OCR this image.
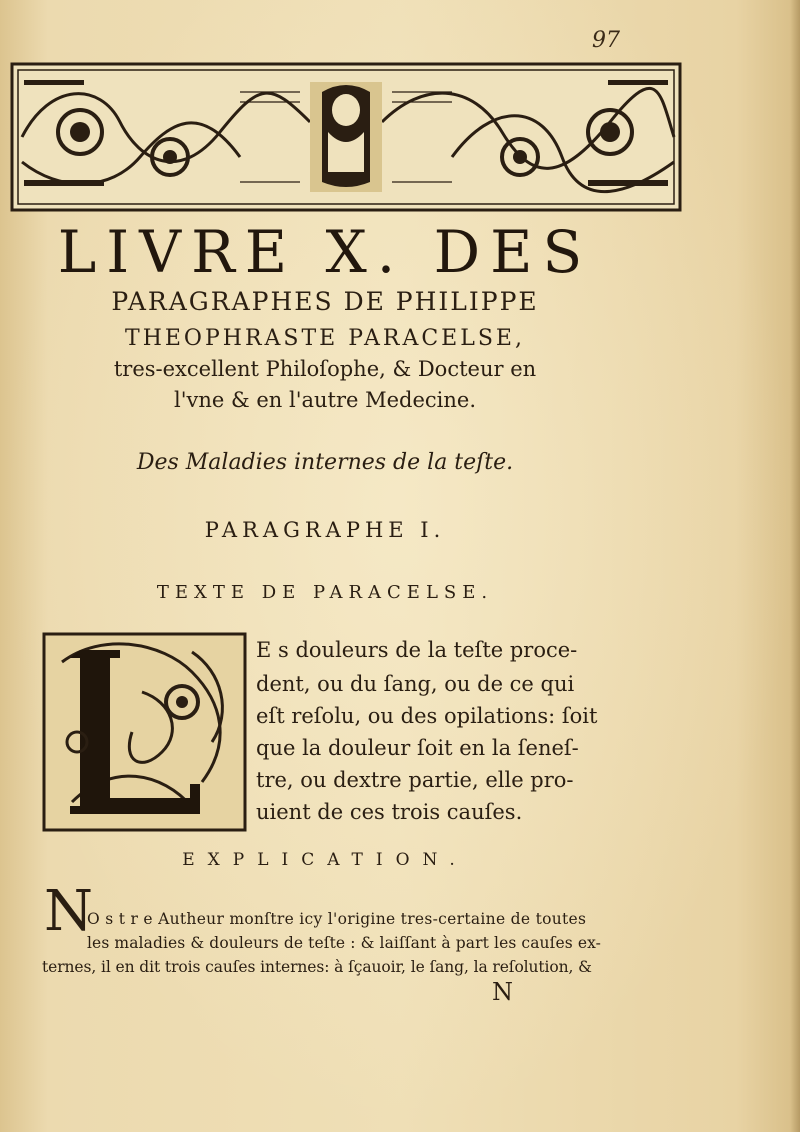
97
LIVRE X. DES
PARAGRAPHES DE PHILIPPE
THEOPHRASTE PARACELSE,
tres-excellent Philoſophe, & Docteur en
l'vne & en l'autre Medecine.
Des Maladies internes de la teſte.
PARAGRAPHE I.
TEXTE DE PARACELSE.
E s douleurs de la teſte proce-
dent, ou du ſang, ou de ce qui
eſt reſolu, ou des opilations: ſoit
que la douleur ſoit en la ſeneſ-
tre, ou dextre partie, elle pro-
uient de ces trois cauſes.
EXPLICATION.
N
O s t r e Autheur monſtre icy l'origine tres-certaine de toutes
les maladies & douleurs de teſte : & laiſſant à part les cauſes ex-
ternes, il en dit trois cauſes internes: à ſçauoir, le ſang, la reſolution, &
N
